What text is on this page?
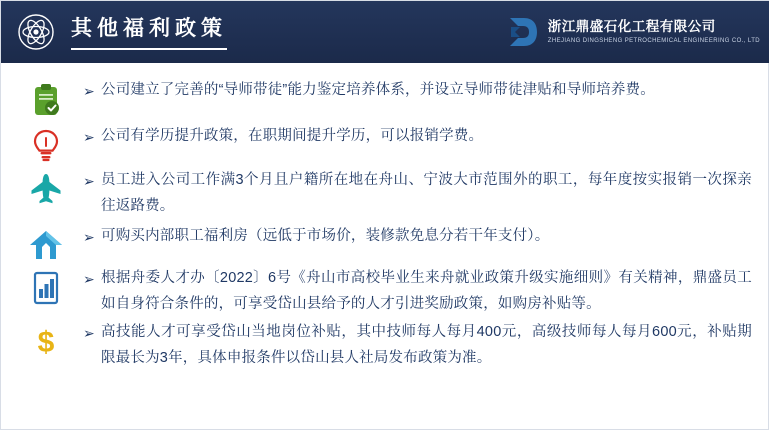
其他福利政策	浙江鼎盛石化工程有限公司
ZHEJIANG DINGSHENG PETROCHEMICAL ENGINEERING CO., LTD
➢ 公司建立了完善的“导师带徒”能力鉴定培养体系，并设立导师带徒津贴和导师培养费。
➢ 公司有学历提升政策，在职期间提升学历，可以报销学费。
➢ 员工进入公司工作满3个月且户籍所在地在舟山、宁波大市范围外的职工，每年度按实报销一次探亲往返路费。
➢ 可购买内部职工福利房（远低于市场价，装修款免息分若干年支付）。
➢ 根据舟委人才办〔2022〕6号《舟山市高校毕业生来舟就业政策升级实施细则》有关精神，鼎盛员工如自身符合条件的，可享受岱山县给予的人才引进奖励政策，如购房补贴等。
$ ➢ 高技能人才可享受岱山当地岗位补贴，其中技师每人每月400元，高级技师每人每月600元，补贴期限最长为3年，具体申报条件以岱山县人社局发布政策为准。
